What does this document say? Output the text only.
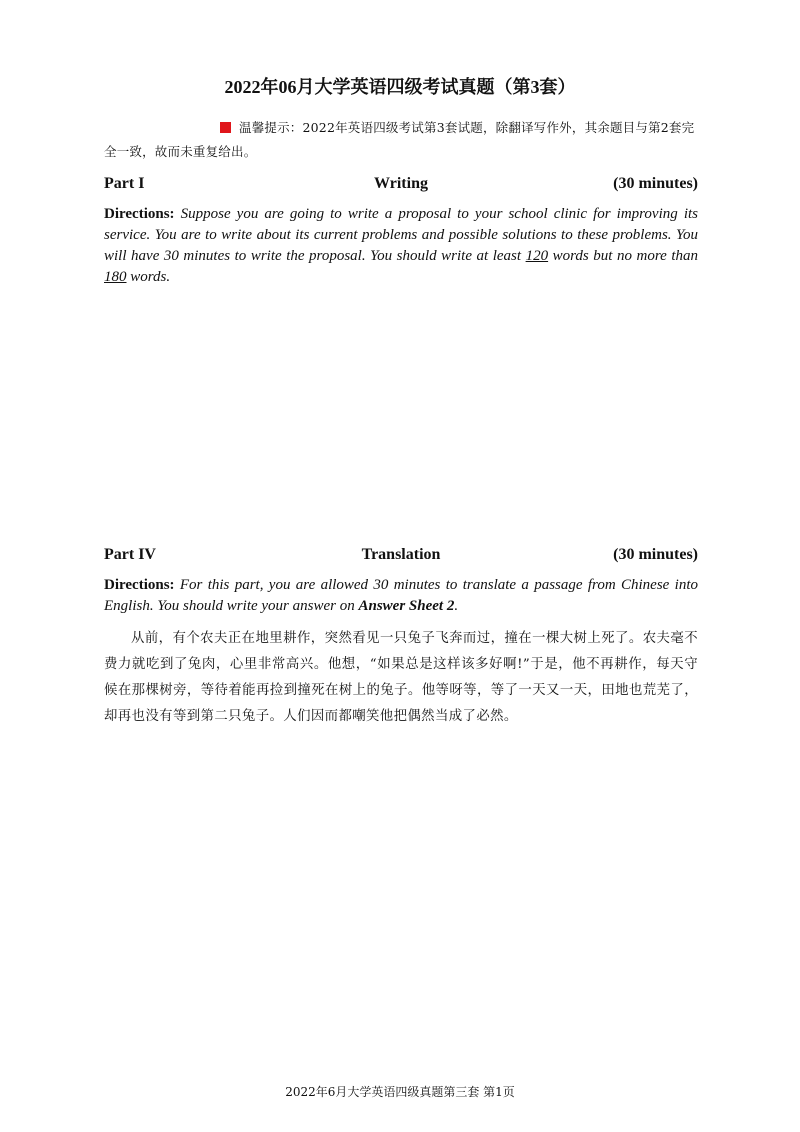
2022年06月大学英语四级考试真题（第3套）
温馨提示：2022年英语四级考试第3套试题，除翻译写作外，其余题目与第2套完全一致，故而未重复给出。
Writing
Part I	(30 minutes)
Directions: Suppose you are going to write a proposal to your school clinic for improving its service. You are to write about its current problems and possible solutions to these problems. You will have 30 minutes to write the proposal. You should write at least 120 words but no more than 180 words.
Translation
Part IV	(30 minutes)
Directions: For this part, you are allowed 30 minutes to translate a passage from Chinese into English. You should write your answer on Answer Sheet 2.
从前，有个农夫正在地里耕作，突然看见一只兔子飞奔而过，撞在一棵大树上死了。农夫毫不费力就吃到了兔肉，心里非常高兴。他想，“如果总是这样该多好啊!”于是，他不再耕作，每天守候在那棵树旁，等待着能再捡到撞死在树上的兔子。他等呀等，等了一天又一天，田地也荒芜了，却再也没有等到第二只兔子。人们因而都嘲笑他把偶然当成了必然。
2022年6月大学英语四级真题第三套 第1页
